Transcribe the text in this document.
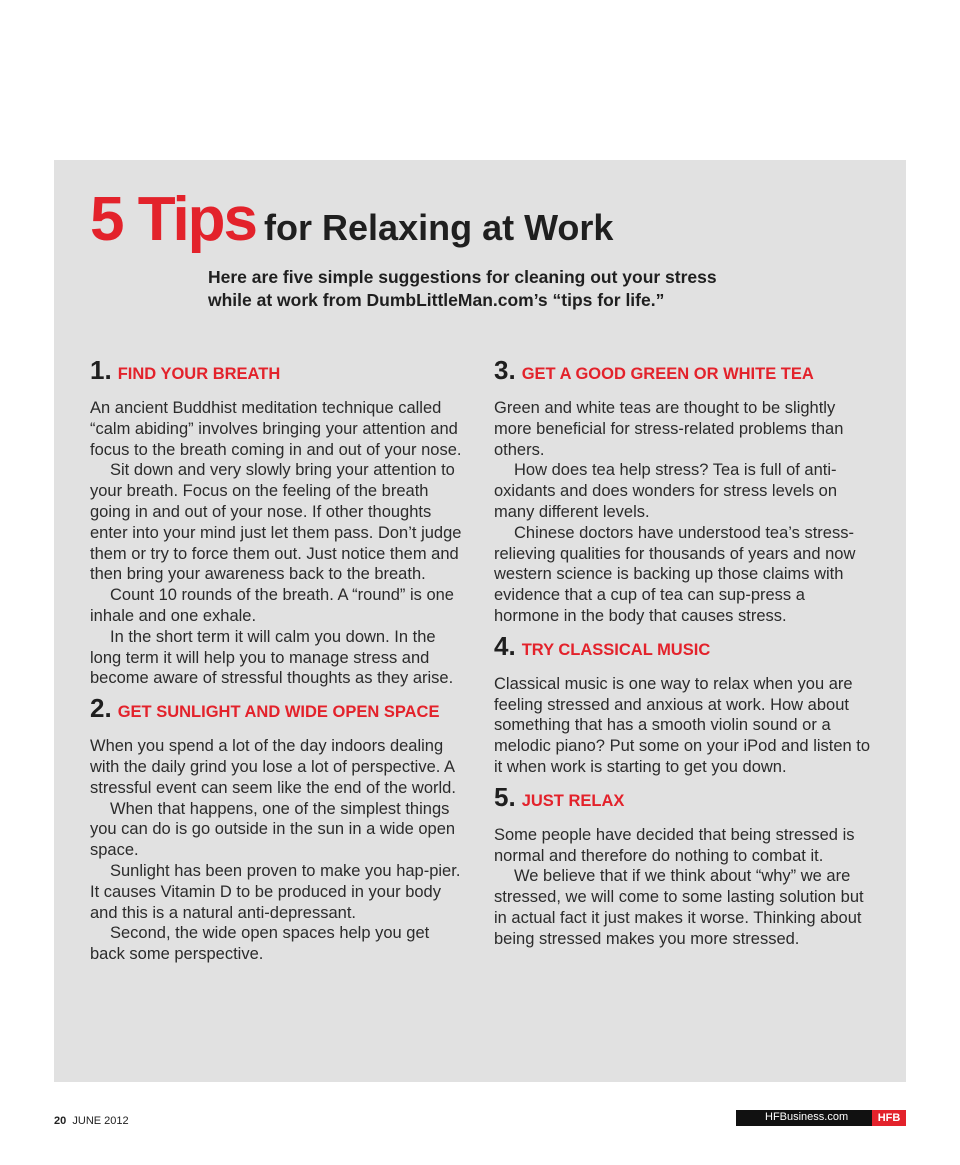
5 Tips for Relaxing at Work
Here are five simple suggestions for cleaning out your stress
while at work from DumbLittleMan.com’s “tips for life.”
1. FIND YOUR BREATH
An ancient Buddhist meditation technique called “calm abiding” involves bringing your attention and focus to the breath coming in and out of your nose.
Sit down and very slowly bring your attention to your breath. Focus on the feeling of the breath going in and out of your nose. If other thoughts enter into your mind just let them pass. Don’t judge them or try to force them out. Just notice them and then bring your awareness back to the breath.
Count 10 rounds of the breath. A “round” is one inhale and one exhale.
In the short term it will calm you down. In the long term it will help you to manage stress and become aware of stressful thoughts as they arise.
2. GET SUNLIGHT AND WIDE OPEN SPACE
When you spend a lot of the day indoors dealing with the daily grind you lose a lot of perspective. A stressful event can seem like the end of the world.
When that happens, one of the simplest things you can do is go outside in the sun in a wide open space.
Sunlight has been proven to make you hap-pier. It causes Vitamin D to be produced in your body and this is a natural anti-depressant.
Second, the wide open spaces help you get back some perspective.
3. GET A GOOD GREEN OR WHITE TEA
Green and white teas are thought to be slightly more beneficial for stress-related problems than others.
How does tea help stress? Tea is full of anti-oxidants and does wonders for stress levels on many different levels.
Chinese doctors have understood tea’s stress-relieving qualities for thousands of years and now western science is backing up those claims with evidence that a cup of tea can sup-press a hormone in the body that causes stress.
4. TRY CLASSICAL MUSIC
Classical music is one way to relax when you are feeling stressed and anxious at work. How about something that has a smooth violin sound or a melodic piano? Put some on your iPod and listen to it when work is starting to get you down.
5. JUST RELAX
Some people have decided that being stressed is normal and therefore do nothing to combat it.
We believe that if we think about “why” we are stressed, we will come to some lasting solution but in actual fact it just makes it worse. Thinking about being stressed makes you more stressed.
20 JUNE 2012	HFBusiness.com	HFB
